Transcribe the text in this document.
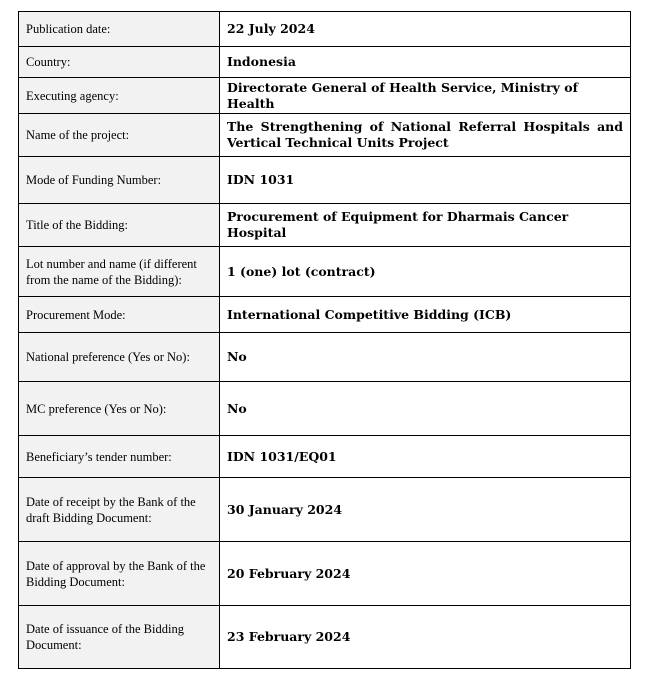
Publication date:	22 July 2024
Country:	Indonesia
Executing agency:	Directorate General of Health Service, Ministry of Health
Name of the project:	The Strengthening of National Referral Hospitals and Vertical Technical Units Project
Mode of Funding Number:	IDN 1031
Title of the Bidding:	Procurement of Equipment for Dharmais Cancer Hospital
Lot number and name (if different from the name of the Bidding):	1 (one) lot (contract)
Procurement Mode:	International Competitive Bidding (ICB)
National preference (Yes or No):	No
MC preference (Yes or No):	No
Beneficiary’s tender number:	IDN 1031/EQ01
Date of receipt by the Bank of the draft Bidding Document:	30 January 2024
Date of approval by the Bank of the Bidding Document:	20 February 2024
Date of issuance of the Bidding Document:	23 February 2024
